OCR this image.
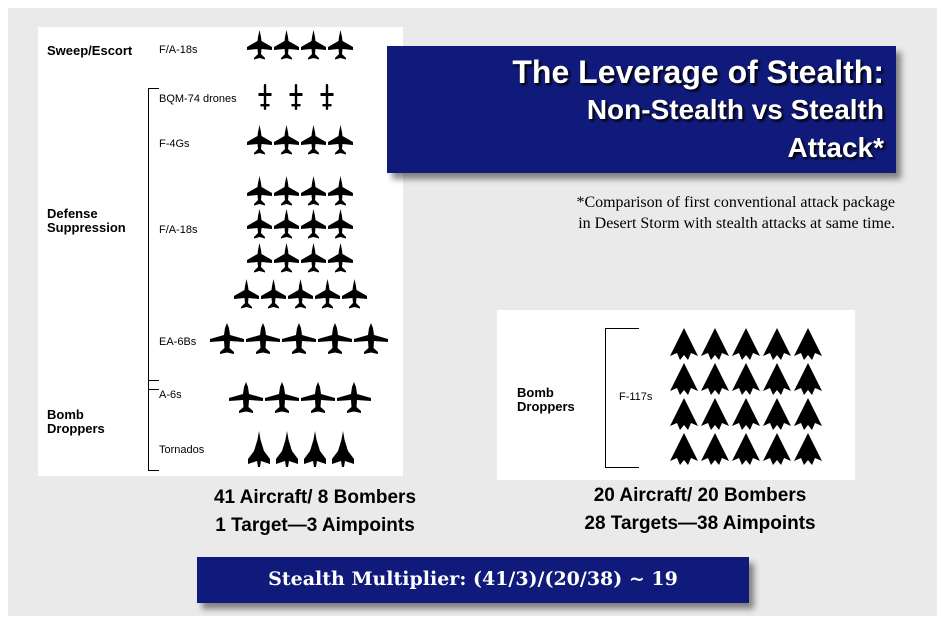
Sweep/Escort
Defense
Suppression
Bomb
Droppers
F/A-18s
BQM-74 drones
F-4Gs
F/A-18s
EA-6Bs
A-6s
Tornados
The Leverage of Stealth:
Non-Stealth vs Stealth
Attack*
*Comparison of first conventional attack package
in Desert Storm with stealth attacks at same time.
Bomb
Droppers
F-117s
41 Aircraft/ 8 Bombers
1 Target—3 Aimpoints
20 Aircraft/ 20 Bombers
28 Targets—38 Aimpoints
Stealth Multiplier: (41/3)/(20/38) ~ 19
